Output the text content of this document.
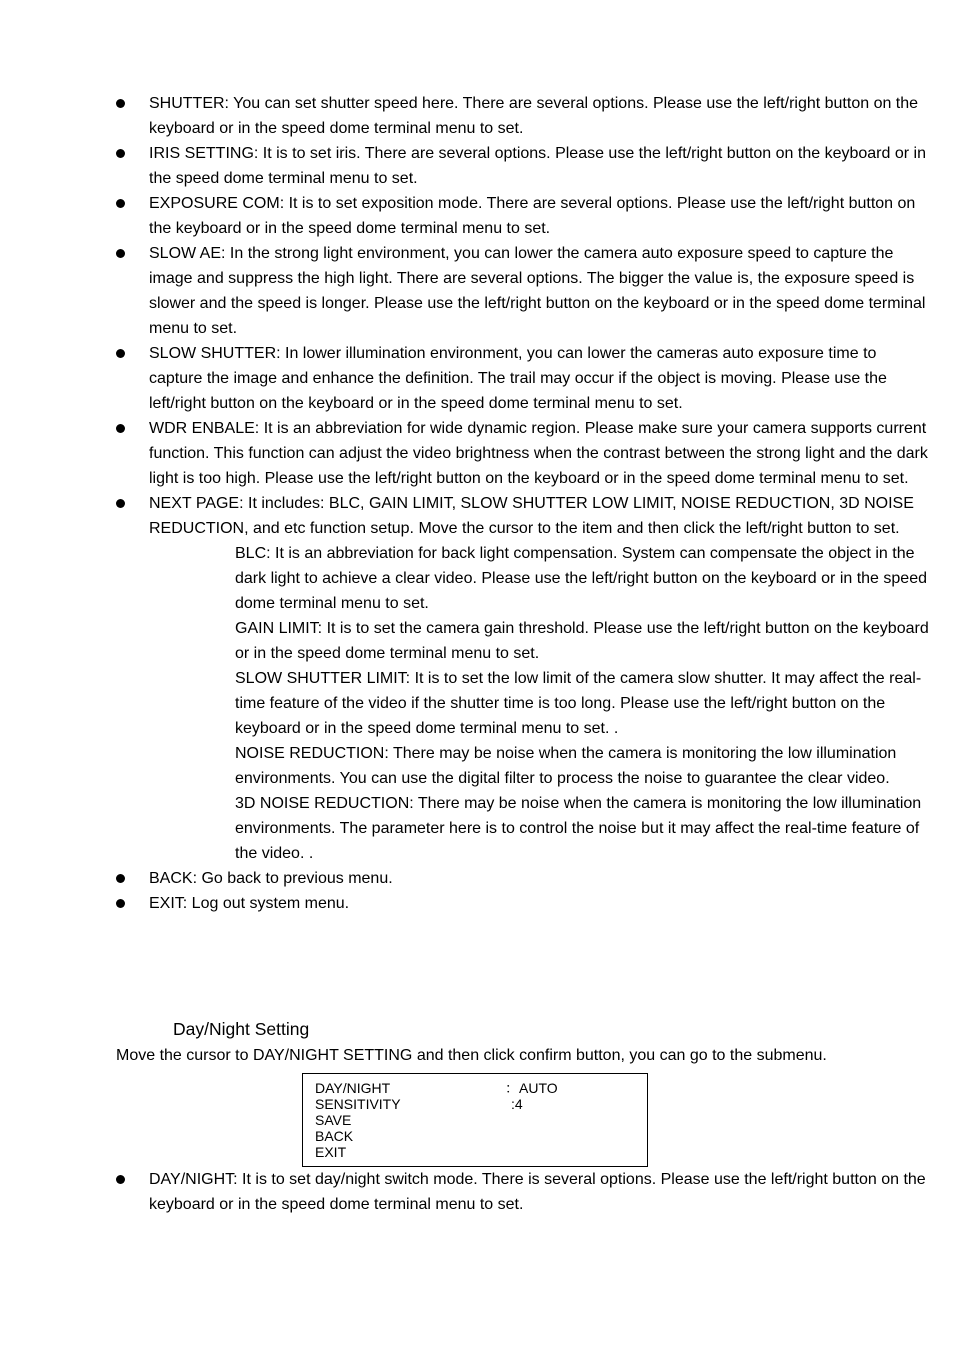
SHUTTER: You can set shutter speed here. There are several options. Please use the left/right button on the keyboard or in the speed dome terminal menu to set.
IRIS SETTING: It is to set iris. There are several options. Please use the left/right button on the keyboard or in the speed dome terminal menu to set.
EXPOSURE COM: It is to set exposition mode. There are several options. Please use the left/right button on the keyboard or in the speed dome terminal menu to set.
SLOW AE: In the strong light environment, you can lower the camera auto exposure speed to capture the image and suppress the high light. There are several options. The bigger the value is, the exposure speed is slower and the speed is longer. Please use the left/right button on the keyboard or in the speed dome terminal menu to set.
SLOW SHUTTER: In lower illumination environment, you can lower the cameras auto exposure time to capture the image and enhance the definition. The trail may occur if the object is moving. Please use the left/right button on the keyboard or in the speed dome terminal menu to set.
WDR ENBALE: It is an abbreviation for wide dynamic region. Please make sure your camera supports current function. This function can adjust the video brightness when the contrast between the strong light and the dark light is too high. Please use the left/right button on the keyboard or in the speed dome terminal menu to set.
NEXT PAGE: It includes: BLC, GAIN LIMIT, SLOW SHUTTER LOW LIMIT, NOISE REDUCTION, 3D NOISE REDUCTION, and etc function setup. Move the cursor to the item and then click the left/right button to set.
BLC: It is an abbreviation for back light compensation. System can compensate the object in the dark light to achieve a clear video. Please use the left/right button on the keyboard or in the speed dome terminal menu to set.
GAIN LIMIT: It is to set the camera gain threshold. Please use the left/right button on the keyboard or in the speed dome terminal menu to set.
SLOW SHUTTER LIMIT: It is to set the low limit of the camera slow shutter. It may affect the real-time feature of the video if the shutter time is too long. Please use the left/right button on the keyboard or in the speed dome terminal menu to set. .
NOISE REDUCTION: There may be noise when the camera is monitoring the low illumination environments. You can use the digital filter to process the noise to guarantee the clear video.
3D NOISE REDUCTION: There may be noise when the camera is monitoring the low illumination environments. The parameter here is to control the noise but it may affect the real-time feature of the video. .
BACK: Go back to previous menu.
EXIT: Log out system menu.
Day/Night Setting
Move the cursor to DAY/NIGHT SETTING and then click confirm button, you can go to the submenu.
DAY/NIGHT	：AUTO
SENSITIVITY	:4
SAVE
BACK
EXIT
DAY/NIGHT: It is to set day/night switch mode. There is several options. Please use the left/right button on the keyboard or in the speed dome terminal menu to set.
